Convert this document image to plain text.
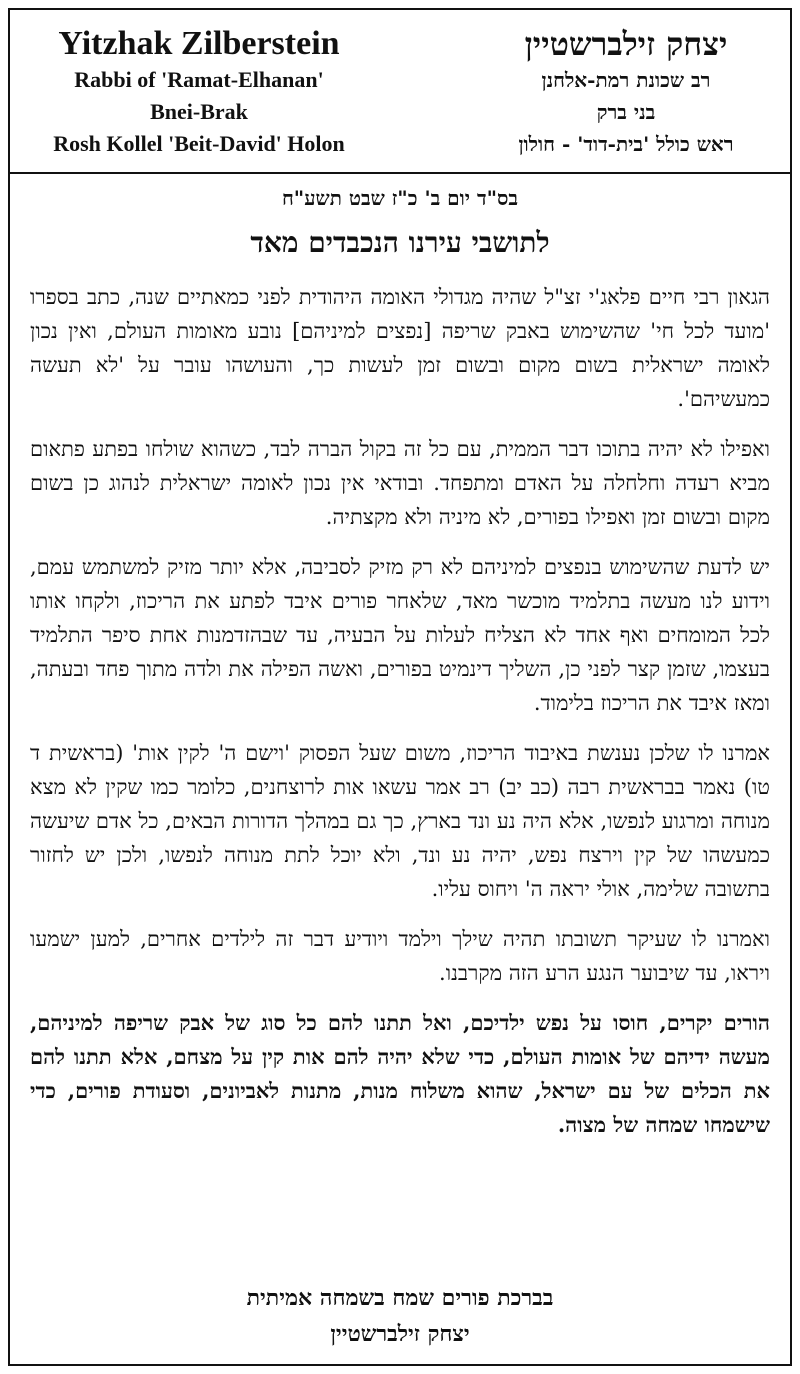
Yitzhak Zilberstein
Rabbi of 'Ramat-Elhanan'
Bnei-Brak
Rosh Kollel 'Beit-David' Holon
יצחק זילברשטיין
רב שכונת רמת-אלחנן
בני ברק
ראש כולל 'בית-דוד' - חולון
בס"ד יום ב' כ"ז שבט תשע"ח
לתושבי עירנו הנכבדים מאד

הגאון רבי חיים פלאג'י זצ"ל שהיה מגדולי האומה היהודית לפני כמאתיים שנה, כתב בספרו 'מועד לכל חי' שהשימוש באבק שריפה [נפצים למיניהם] נובע מאומות העולם, ואין נכון לאומה ישראלית בשום מקום ובשום זמן לעשות כך, והעושהו עובר על 'לא תעשה כמעשיהם'.

ואפילו לא יהיה בתוכו דבר הממית, עם כל זה בקול הברה לבד, כשהוא שולחו בפתע פתאום מביא רעדה וחלחלה על האדם ומתפחד. ובודאי אין נכון לאומה ישראלית לנהוג כן בשום מקום ובשום זמן ואפילו בפורים, לא מיניה ולא מקצתיה.

יש לדעת שהשימוש בנפצים למיניהם לא רק מזיק לסביבה, אלא יותר מזיק למשתמש עמם, וידוע לנו מעשה בתלמיד מוכשר מאד, שלאחר פורים איבד לפתע את הריכוז, ולקחו אותו לכל המומחים ואף אחד לא הצליח לעלות על הבעיה, עד שבהזדמנות אחת סיפר התלמיד בעצמו, שזמן קצר לפני כן, השליך דינמיט בפורים, ואשה הפילה את ולדה מתוך פחד ובעתה, ומאז איבד את הריכוז בלימוד.

אמרנו לו שלכן נענשת באיבוד הריכוז, משום שעל הפסוק 'וישם ה' לקין אות' (בראשית ד טו) נאמר בבראשית רבה (כב יב) רב אמר עשאו אות לרוצחנים, כלומר כמו שקין לא מצא מנוחה ומרגוע לנפשו, אלא היה נע ונד בארץ, כך גם במהלך הדורות הבאים, כל אדם שיעשה כמעשהו של קין וירצח נפש, יהיה נע ונד, ולא יוכל לתת מנוחה לנפשו, ולכן יש לחזור בתשובה שלימה, אולי יראה ה' ויחוס עליו.

ואמרנו לו שעיקר תשובתו תהיה שילך וילמד ויודיע דבר זה לילדים אחרים, למען ישמעו ויראו, עד שיבוער הנגע הרע הזה מקרבנו.

הורים יקרים, חוסו על נפש ילדיכם, ואל תתנו להם כל סוג של אבק שריפה למיניהם, מעשה ידיהם של אומות העולם, כדי שלא יהיה להם אות קין על מצחם, אלא תתנו להם את הכלים של עם ישראל, שהוא משלוח מנות, מתנות לאביונים, וסעודת פורים, כדי שישמחו שמחה של מצוה.

בברכת פורים שמח בשמחה אמיתית
יצחק זילברשטיין
